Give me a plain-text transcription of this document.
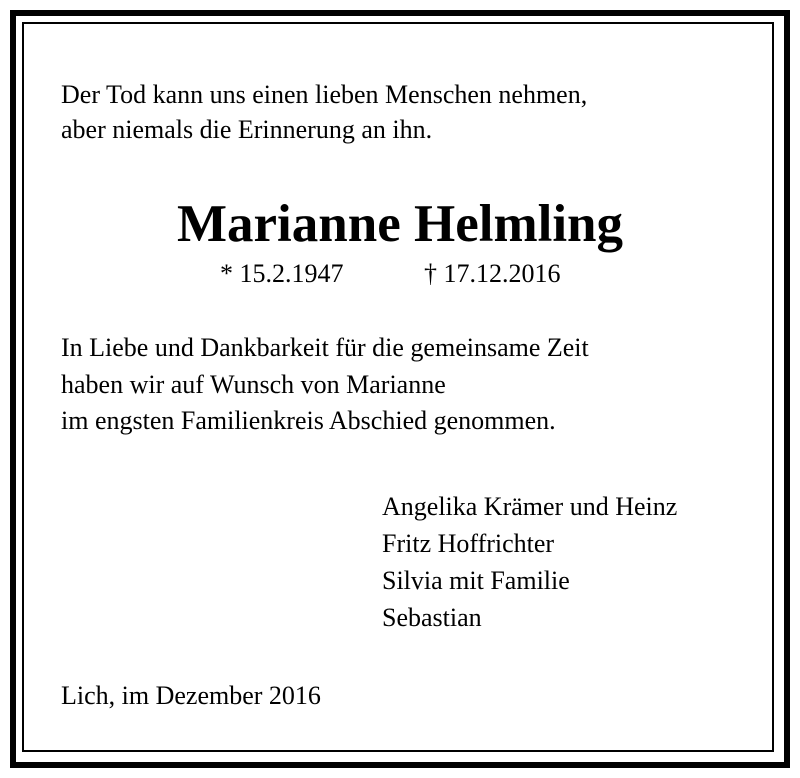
Der Tod kann uns einen lieben Menschen nehmen,
aber niemals die Erinnerung an ihn.
Marianne Helmling
* 15.2.1947	† 17.12.2016
In Liebe und Dankbarkeit für die gemeinsame Zeit
haben wir auf Wunsch von Marianne
im engsten Familienkreis Abschied genommen.
Angelika Krämer und Heinz
Fritz Hoffrichter
Silvia mit Familie
Sebastian
Lich, im Dezember 2016
